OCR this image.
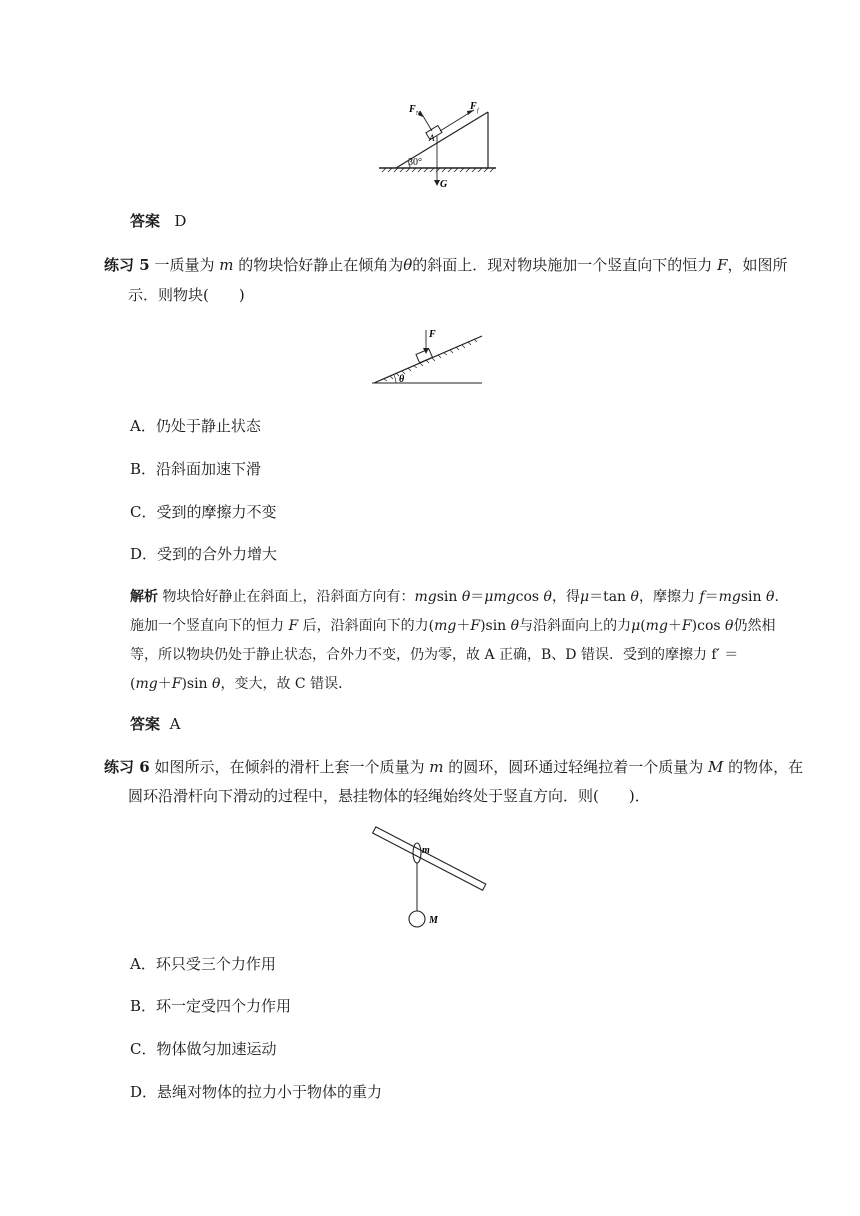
30°
A
F N
F f
G
答案 D
练习 5 一质量为 m 的物块恰好静止在倾角为θ的斜面上．现对物块施加一个竖直向下的恒力 F，如图所
示．则物块(　　)
F
θ
A．仍处于静止状态
B．沿斜面加速下滑
C．受到的摩擦力不变
D．受到的合外力增大
解析 物块恰好静止在斜面上，沿斜面方向有：mgsin θ＝μmgcos θ，得μ＝tan θ，摩擦力 f＝mgsin θ.
施加一个竖直向下的恒力 F 后，沿斜面向下的力(mg＋F)sin θ与沿斜面向上的力μ(mg＋F)cos θ仍然相
等，所以物块仍处于静止状态，合外力不变，仍为零，故 A 正确，B、D 错误．受到的摩擦力 f′ ＝
(mg＋F)sin θ，变大，故 C 错误．
答案 A
练习 6 如图所示，在倾斜的滑杆上套一个质量为 m 的圆环，圆环通过轻绳拉着一个质量为 M 的物体，在
圆环沿滑杆向下滑动的过程中，悬挂物体的轻绳始终处于竖直方向．则(　　)．
m
M
A．环只受三个力作用
B．环一定受四个力作用
C．物体做匀加速运动
D．悬绳对物体的拉力小于物体的重力
